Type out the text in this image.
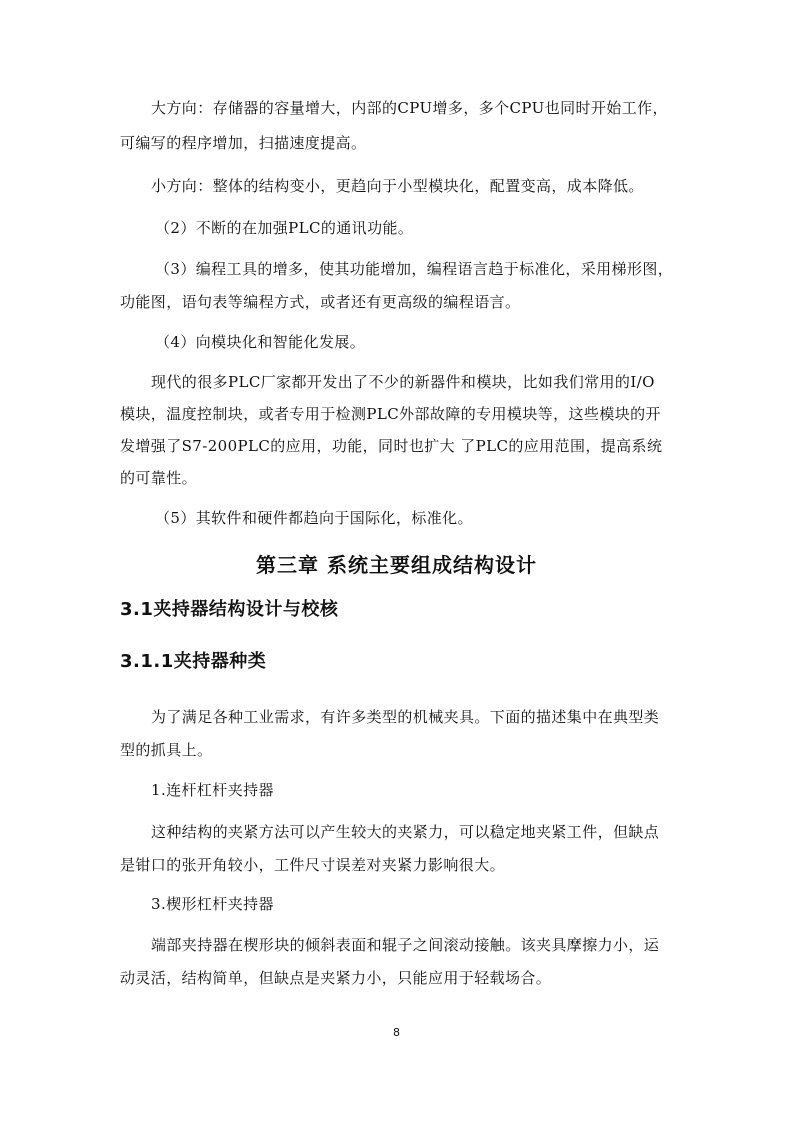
大方向：存储器的容量增大，内部的CPU增多，多个CPU也同时开始工作，
可编写的程序增加，扫描速度提高。
小方向：整体的结构变小，更趋向于小型模块化，配置变高，成本降低。
（2）不断的在加强PLC的通讯功能。
（3）编程工具的增多，使其功能增加，编程语言趋于标准化，采用梯形图，
功能图，语句表等编程方式，或者还有更高级的编程语言。
（4）向模块化和智能化发展。
现代的很多PLC厂家都开发出了不少的新器件和模块，比如我们常用的I/O
模块，温度控制块，或者专用于检测PLC外部故障的专用模块等，这些模块的开
发增强了S7-200PLC的应用，功能，同时也扩大 了PLC的应用范围，提高系统
的可靠性。
（5）其软件和硬件都趋向于国际化，标准化。
第三章 系统主要组成结构设计
3.1夹持器结构设计与校核
3.1.1夹持器种类
为了满足各种工业需求，有许多类型的机械夹具。下面的描述集中在典型类
型的抓具上。
1.连杆杠杆夹持器
这种结构的夹紧方法可以产生较大的夹紧力，可以稳定地夹紧工件，但缺点
是钳口的张开角较小，工件尺寸误差对夹紧力影响很大。
3.楔形杠杆夹持器
端部夹持器在楔形块的倾斜表面和辊子之间滚动接触。该夹具摩擦力小，运
动灵活，结构简单，但缺点是夹紧力小，只能应用于轻载场合。
8
